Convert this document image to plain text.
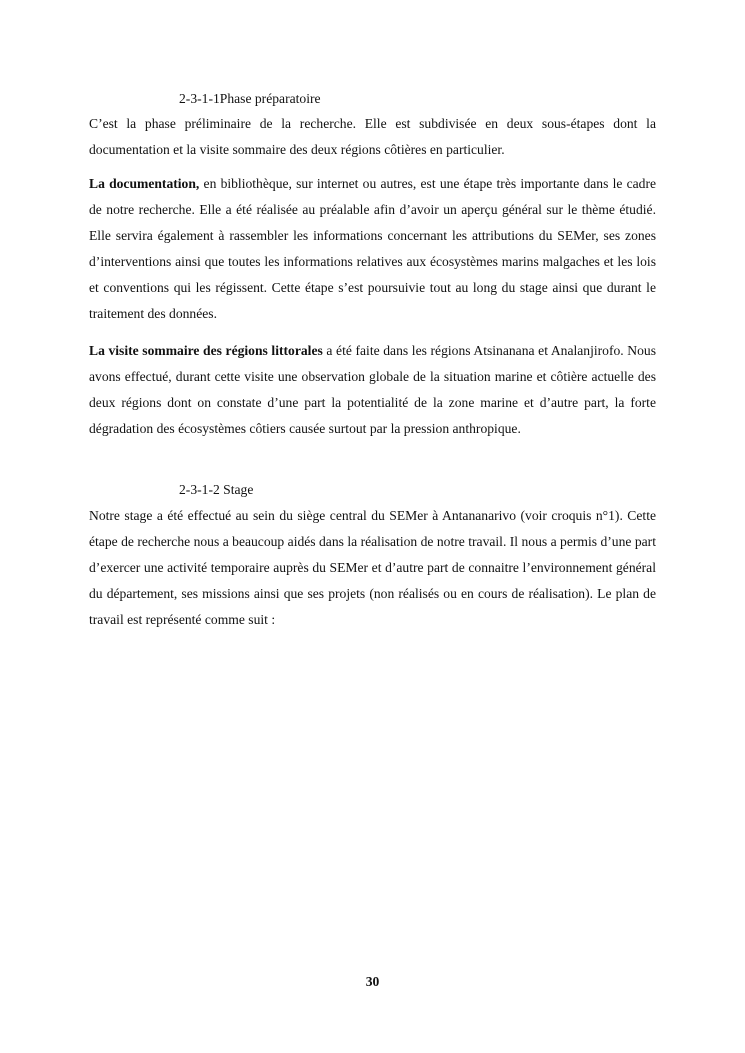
2-3-1-1Phase préparatoire

C’est la phase préliminaire de la recherche. Elle est subdivisée en deux sous-étapes dont la documentation et la visite sommaire des deux régions côtières en particulier.

La documentation, en bibliothèque, sur internet ou autres, est une étape très importante dans le cadre de notre recherche. Elle a été réalisée au préalable afin d’avoir un aperçu général sur le thème étudié. Elle servira également à rassembler les informations concernant les attributions du SEMer, ses zones d’interventions ainsi que toutes les informations relatives aux écosystèmes marins malgaches et les lois et conventions qui les régissent. Cette étape s’est poursuivie tout au long du stage ainsi que durant le traitement des données.

La visite sommaire des régions littorales a été faite dans les régions Atsinanana et Analanjirofo. Nous avons effectué, durant cette visite une observation globale de la situation marine et côtière actuelle des deux régions dont on constate d’une part la potentialité de la zone marine et d’autre part, la forte dégradation des écosystèmes côtiers causée surtout par la pression anthropique.

2-3-1-2 Stage

Notre stage a été effectué au sein du siège central du SEMer à Antananarivo (voir croquis n°1). Cette étape de recherche nous a beaucoup aidés dans la réalisation de notre travail. Il nous a permis d’une part d’exercer une activité temporaire auprès du SEMer et d’autre part de connaitre l’environnement général du département, ses missions ainsi que ses projets (non réalisés ou en cours de réalisation). Le plan de travail est représenté comme suit :

30
